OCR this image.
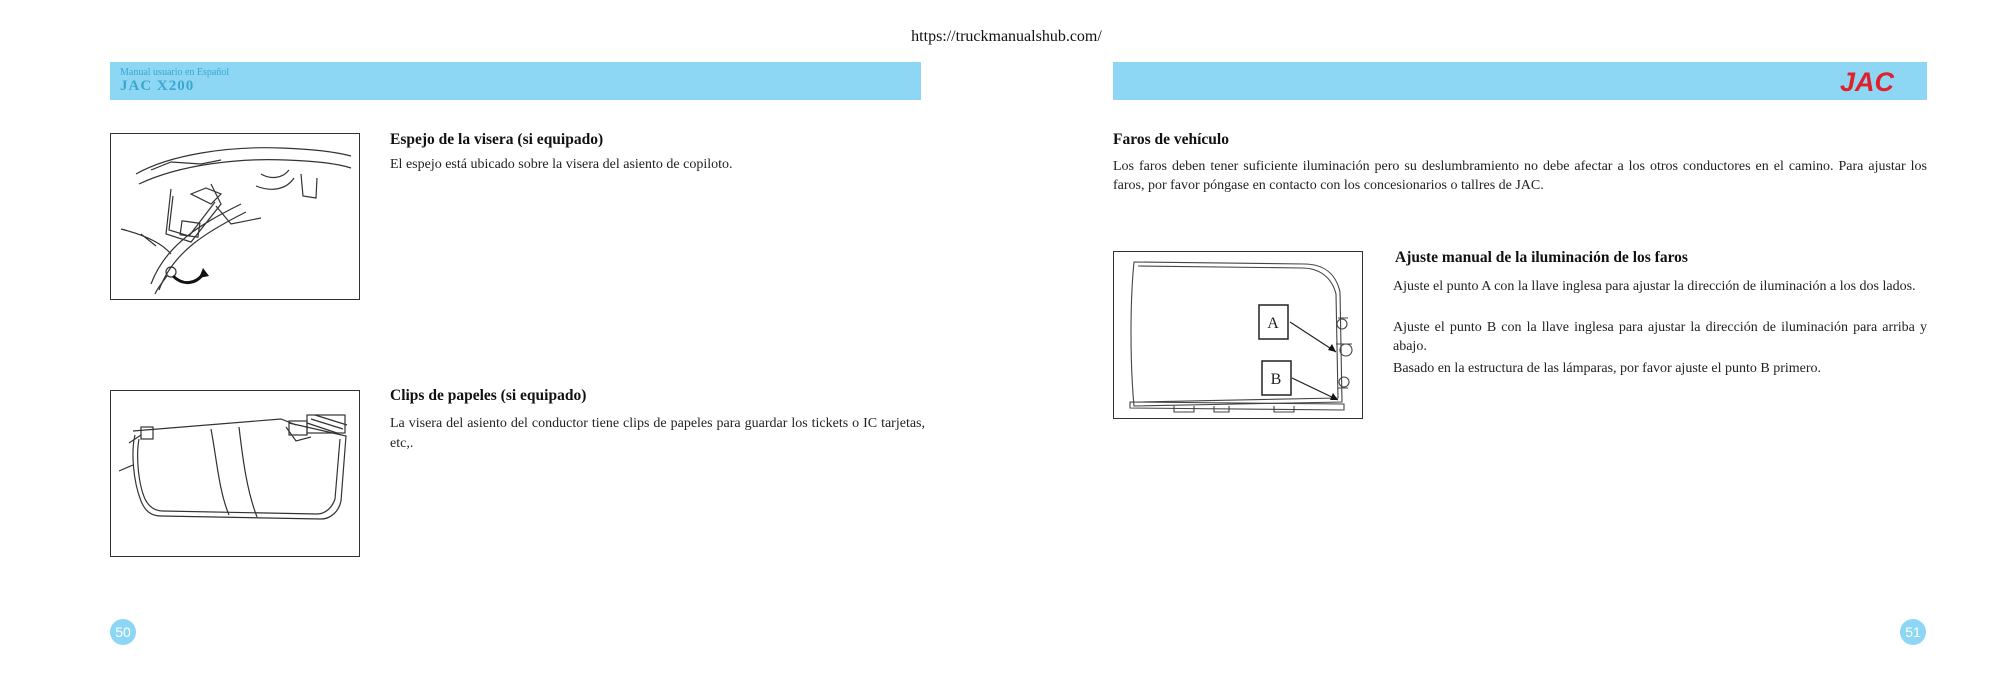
https://truckmanualshub.com/
Manual usuario en Español
JAC X200	JAC
Espejo de la visera (si equipado)
El espejo está ubicado sobre la visera del asiento de copiloto.
Clips de papeles (si equipado)
La visera del asiento del conductor tiene clips de papeles para guardar los tickets o IC tarjetas, etc,.
50
Faros de vehículo
Los faros deben tener suficiente iluminación pero su deslumbramiento no debe afectar a los otros conductores en el camino. Para ajustar los faros, por favor póngase en contacto con los concesionarios o tallres de JAC.
A
B
Ajuste manual de la iluminación de los faros
Ajuste el punto A con la llave inglesa para ajustar la dirección de iluminación a los dos lados.
Ajuste el punto B con la llave inglesa para ajustar la dirección de iluminación para arriba y abajo.
Basado en la estructura de las lámparas, por favor ajuste el punto B primero.
51
